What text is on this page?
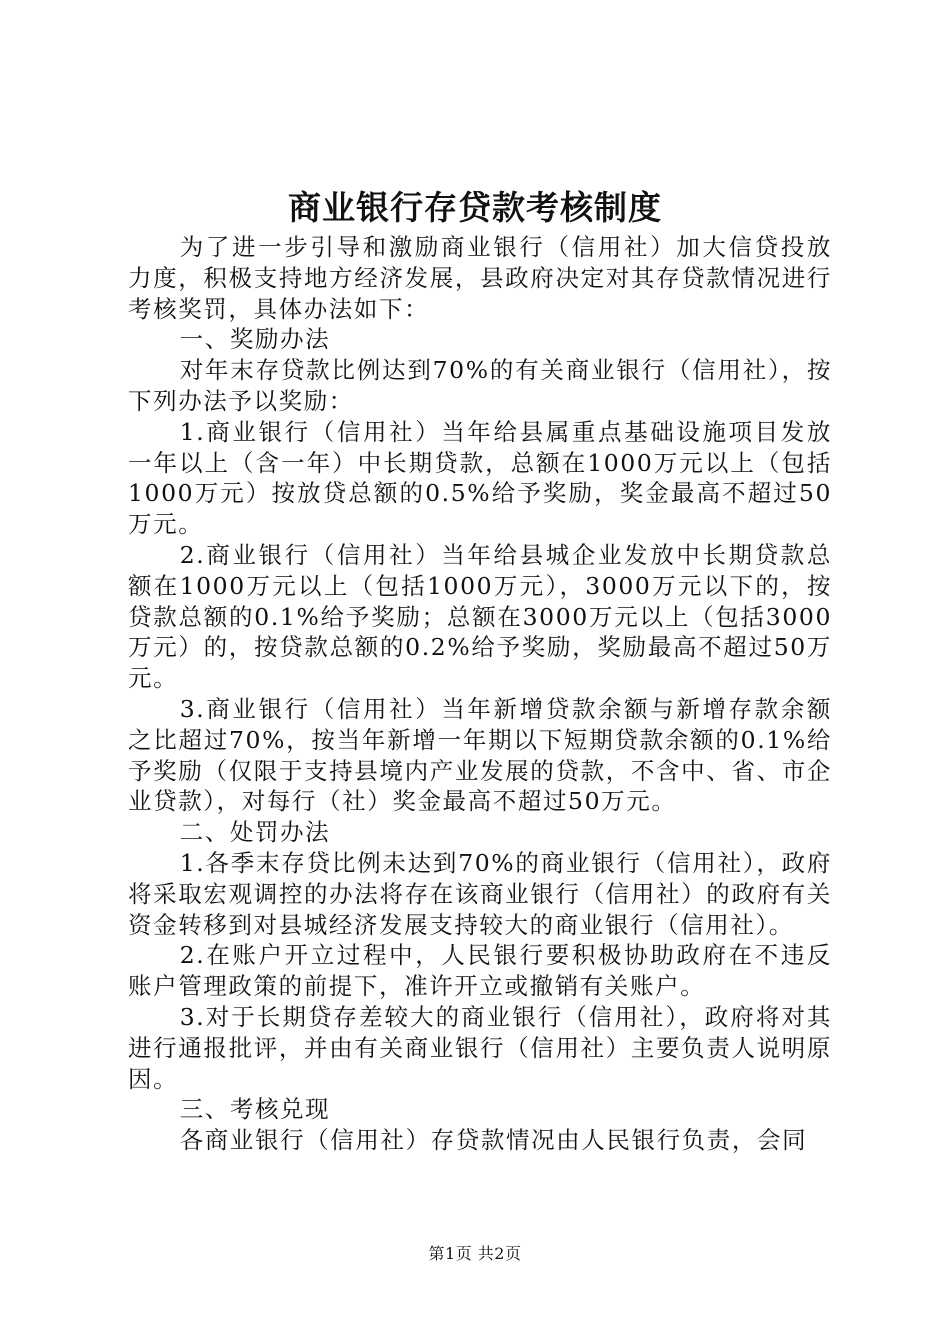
商业银行存贷款考核制度

为了进一步引导和激励商业银行（信用社）加大信贷投放力度，积极支持地方经济发展，县政府决定对其存贷款情况进行考核奖罚，具体办法如下：

一、奖励办法

对年末存贷款比例达到70%的有关商业银行（信用社），按下列办法予以奖励：

1.商业银行（信用社）当年给县属重点基础设施项目发放一年以上（含一年）中长期贷款，总额在1000万元以上（包括1000万元）按放贷总额的0.5%给予奖励，奖金最高不超过50万元。

2.商业银行（信用社）当年给县城企业发放中长期贷款总额在1000万元以上（包括1000万元），3000万元以下的，按贷款总额的0.1%给予奖励；总额在3000万元以上（包括3000万元）的，按贷款总额的0.2%给予奖励，奖励最高不超过50万元。

3.商业银行（信用社）当年新增贷款余额与新增存款余额之比超过70%，按当年新增一年期以下短期贷款余额的0.1%给予奖励（仅限于支持县境内产业发展的贷款，不含中、省、市企业贷款），对每行（社）奖金最高不超过50万元。

二、处罚办法

1.各季末存贷比例未达到70%的商业银行（信用社），政府将采取宏观调控的办法将存在该商业银行（信用社）的政府有关资金转移到对县城经济发展支持较大的商业银行（信用社）。

2.在账户开立过程中，人民银行要积极协助政府在不违反账户管理政策的前提下，准许开立或撤销有关账户。

3.对于长期贷存差较大的商业银行（信用社），政府将对其进行通报批评，并由有关商业银行（信用社）主要负责人说明原因。

三、考核兑现

各商业银行（信用社）存贷款情况由人民银行负责，会同

第1页 共2页
